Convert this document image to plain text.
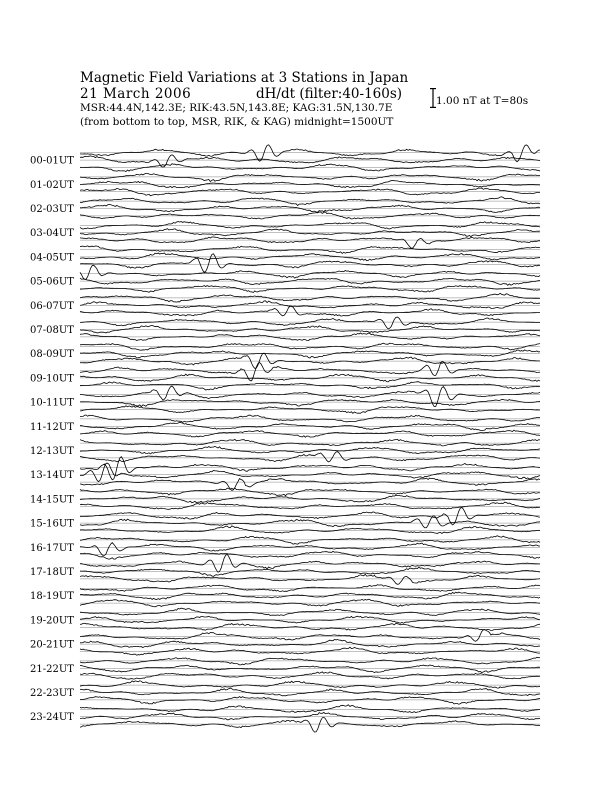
Magnetic Field Variations at 3 Stations in Japan
21 March 2006	dH/dt (filter:40-160s)
MSR:44.4N,142.3E; RIK:43.5N,143.8E; KAG:31.5N,130.7E
(from bottom to top, MSR, RIK, & KAG) midnight=1500UT
1.00 nT at T=80s
00-01UT
01-02UT
02-03UT
03-04UT
04-05UT
05-06UT
06-07UT
07-08UT
08-09UT
09-10UT
10-11UT
11-12UT
12-13UT
13-14UT
14-15UT
15-16UT
16-17UT
17-18UT
18-19UT
19-20UT
20-21UT
21-22UT
22-23UT
23-24UT
